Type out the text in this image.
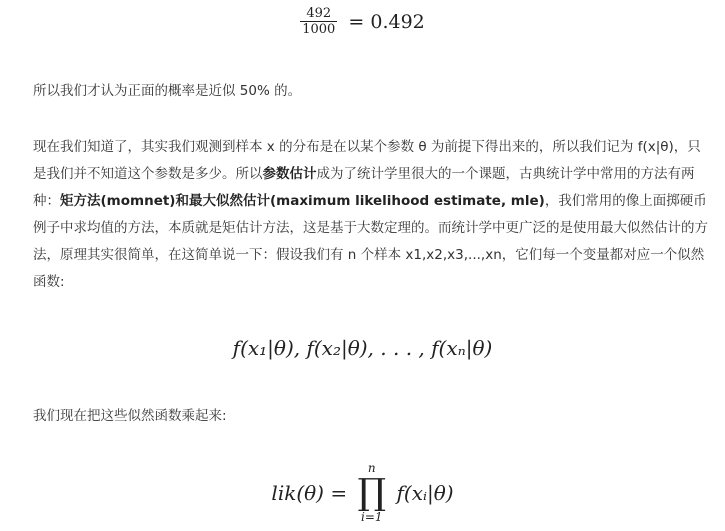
$\frac{492}{1000} = 0.492$

所以我们才认为正面的概率是近似 50% 的。

现在我们知道了，其实我们观测到样本 x 的分布是在以某个参数 θ 为前提下得出来的，所以我们记为 f(x|θ)，只是我们并不知道这个参数是多少。所以参数估计成为了统计学里很大的一个课题，古典统计学中常用的方法有两种：矩方法(momnet)和最大似然估计(maximum likelihood estimate, mle)，我们常用的像上面掷硬币例子中求均值的方法，本质就是矩估计方法，这是基于大数定理的。而统计学中更广泛的是使用最大似然估计的方法，原理其实很简单，在这简单说一下：假设我们有 n 个样本 x1,x2,x3,...,xn，它们每一个变量都对应一个似然函数:

f(x₁|θ), f(x₂|θ), . . . , f(xₙ|θ)

我们现在把这些似然函数乘起来:

lik(θ) =
n
∏
i=1
f(xᵢ|θ)
